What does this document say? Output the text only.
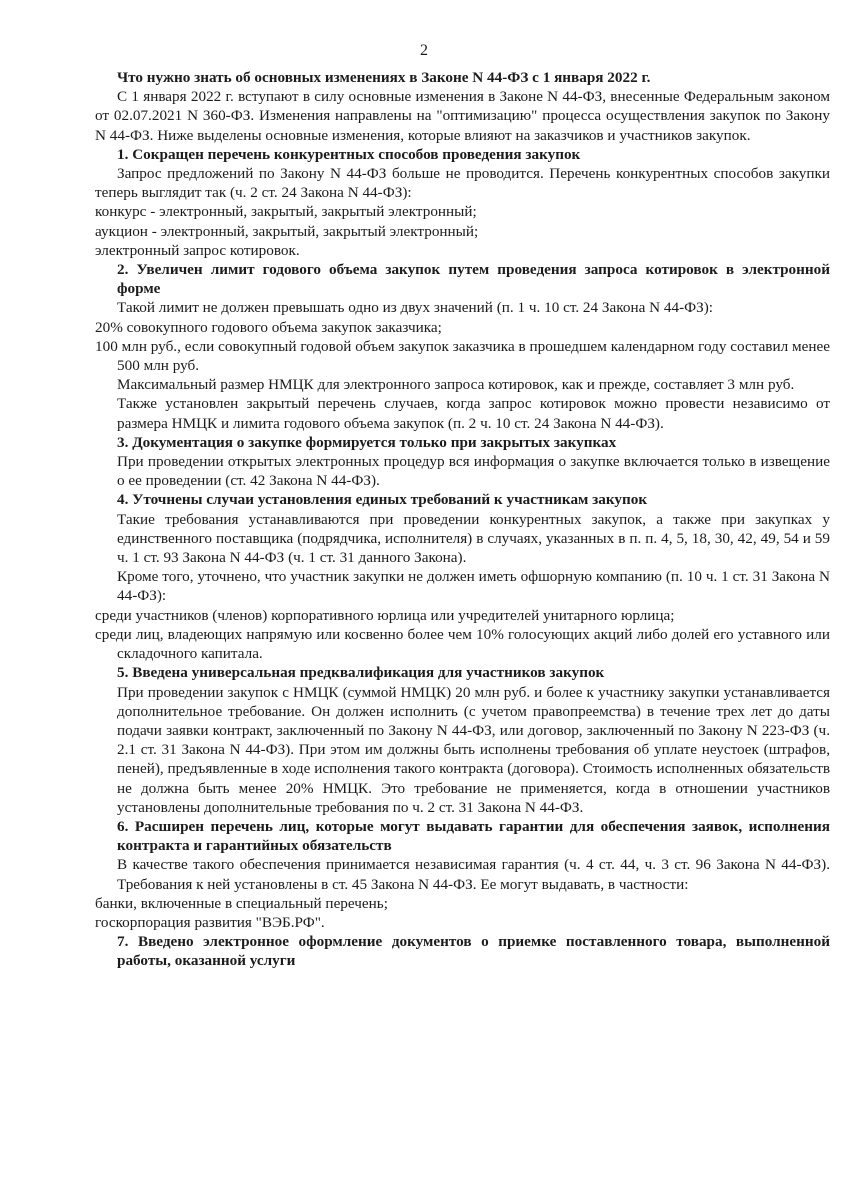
2

Что нужно знать об основных изменениях в Законе N 44-ФЗ с 1 января 2022 г.

С 1 января 2022 г. вступают в силу основные изменения в Законе N 44-ФЗ, внесенные Федеральным законом от 02.07.2021 N 360-ФЗ. Изменения направлены на "оптимизацию" процесса осуществления закупок по Закону N 44-ФЗ. Ниже выделены основные изменения, которые влияют на заказчиков и участников закупок.

1. Сокращен перечень конкурентных способов проведения закупок

Запрос предложений по Закону N 44-ФЗ больше не проводится. Перечень конкурентных способов закупки теперь выглядит так (ч. 2 ст. 24 Закона N 44-ФЗ):

конкурс - электронный, закрытый, закрытый электронный;

аукцион - электронный, закрытый, закрытый электронный;

электронный запрос котировок.

2. Увеличен лимит годового объема закупок путем проведения запроса котировок в электронной форме

Такой лимит не должен превышать одно из двух значений (п. 1 ч. 10 ст. 24 Закона N 44-ФЗ):

20% совокупного годового объема закупок заказчика;

100 млн руб., если совокупный годовой объем закупок заказчика в прошедшем календарном году составил менее 500 млн руб.

Максимальный размер НМЦК для электронного запроса котировок, как и прежде, составляет 3 млн руб.

Также установлен закрытый перечень случаев, когда запрос котировок можно провести независимо от размера НМЦК и лимита годового объема закупок (п. 2 ч. 10 ст. 24 Закона N 44-ФЗ).

3. Документация о закупке формируется только при закрытых закупках

При проведении открытых электронных процедур вся информация о закупке включается только в извещение о ее проведении (ст. 42 Закона N 44-ФЗ).

4. Уточнены случаи установления единых требований к участникам закупок

Такие требования устанавливаются при проведении конкурентных закупок, а также при закупках у единственного поставщика (подрядчика, исполнителя) в случаях, указанных в п. п. 4, 5, 18, 30, 42, 49, 54 и 59 ч. 1 ст. 93 Закона N 44-ФЗ (ч. 1 ст. 31 данного Закона).

Кроме того, уточнено, что участник закупки не должен иметь офшорную компанию (п. 10 ч. 1 ст. 31 Закона N 44-ФЗ):

среди участников (членов) корпоративного юрлица или учредителей унитарного юрлица;

среди лиц, владеющих напрямую или косвенно более чем 10% голосующих акций либо долей его уставного или складочного капитала.

5. Введена универсальная предквалификация для участников закупок

При проведении закупок с НМЦК (суммой НМЦК) 20 млн руб. и более к участнику закупки устанавливается дополнительное требование. Он должен исполнить (с учетом правопреемства) в течение трех лет до даты подачи заявки контракт, заключенный по Закону N 44-ФЗ, или договор, заключенный по Закону N 223-ФЗ (ч. 2.1 ст. 31 Закона N 44-ФЗ). При этом им должны быть исполнены требования об уплате неустоек (штрафов, пеней), предъявленные в ходе исполнения такого контракта (договора). Стоимость исполненных обязательств не должна быть менее 20% НМЦК. Это требование не применяется, когда в отношении участников установлены дополнительные требования по ч. 2 ст. 31 Закона N 44-ФЗ.

6. Расширен перечень лиц, которые могут выдавать гарантии для обеспечения заявок, исполнения контракта и гарантийных обязательств

В качестве такого обеспечения принимается независимая гарантия (ч. 4 ст. 44, ч. 3 ст. 96 Закона N 44-ФЗ). Требования к ней установлены в ст. 45 Закона N 44-ФЗ. Ее могут выдавать, в частности:

банки, включенные в специальный перечень;

госкорпорация развития "ВЭБ.РФ".

7. Введено электронное оформление документов о приемке поставленного товара, выполненной работы, оказанной услуги
